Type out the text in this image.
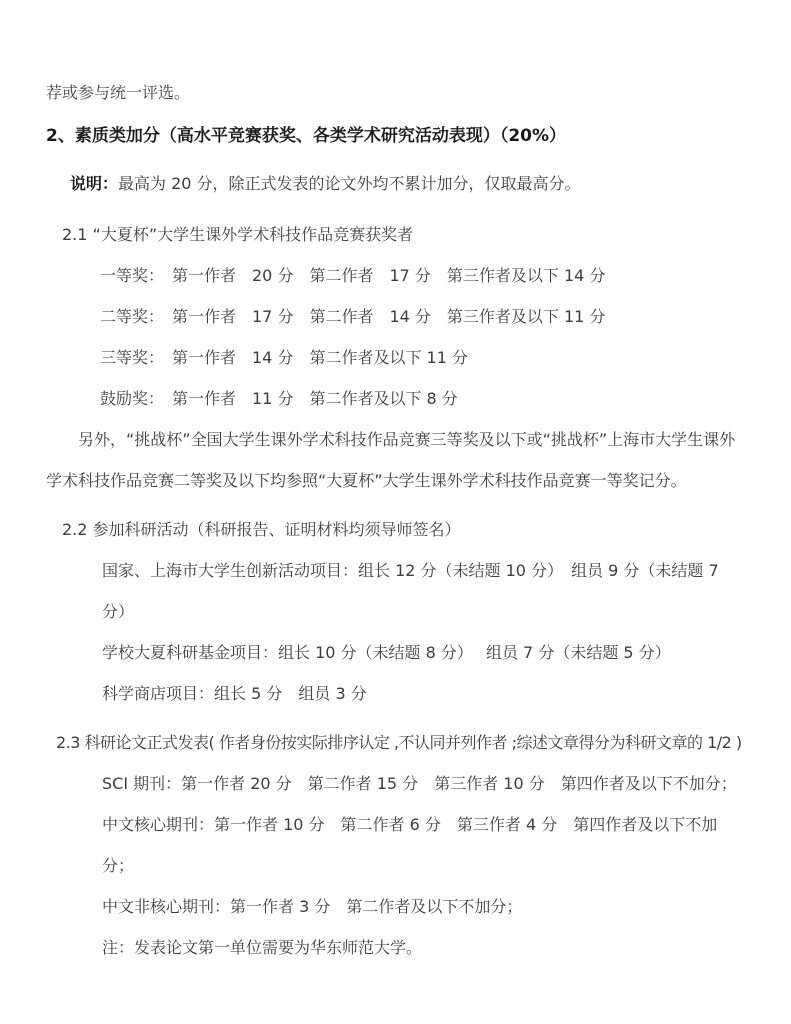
荐或参与统一评选。

2、素质类加分（高水平竞赛获奖、各类学术研究活动表现）（20%）

说明：最高为 20 分，除正式发表的论文外均不累计加分，仅取最高分。

2.1 “大夏杯”大学生课外学术科技作品竞赛获奖者

一等奖：　第一作者　20 分　第二作者　17 分　第三作者及以下 14 分

二等奖：　第一作者　17 分　第二作者　14 分　第三作者及以下 11 分

三等奖：　第一作者　14 分　第二作者及以下 11 分

鼓励奖：　第一作者　11 分　第二作者及以下 8 分

另外，“挑战杯”全国大学生课外学术科技作品竞赛三等奖及以下或“挑战杯”上海市大学生课外学术科技作品竞赛二等奖及以下均参照“大夏杯”大学生课外学术科技作品竞赛一等奖记分。

2.2 参加科研活动（科研报告、证明材料均须导师签名）

国家、上海市大学生创新活动项目：组长 12 分（未结题 10 分）　组员 9 分（未结题 7 分）

学校大夏科研基金项目：组长 10 分（未结题 8 分）　 组员 7 分（未结题 5 分）

科学商店项目：组长 5 分　组员 3 分

2.3 科研论文正式发表( 作者身份按实际排序认定 ,不认同并列作者 ;综述文章得分为科研文章的 1/2 )

SCI 期刊：第一作者 20 分　第二作者 15 分　第三作者 10 分　第四作者及以下不加分；

中文核心期刊：第一作者 10 分　第二作者 6 分　第三作者 4 分　第四作者及以下不加分；

中文非核心期刊：第一作者 3 分　第二作者及以下不加分；

注：发表论文第一单位需要为华东师范大学。
